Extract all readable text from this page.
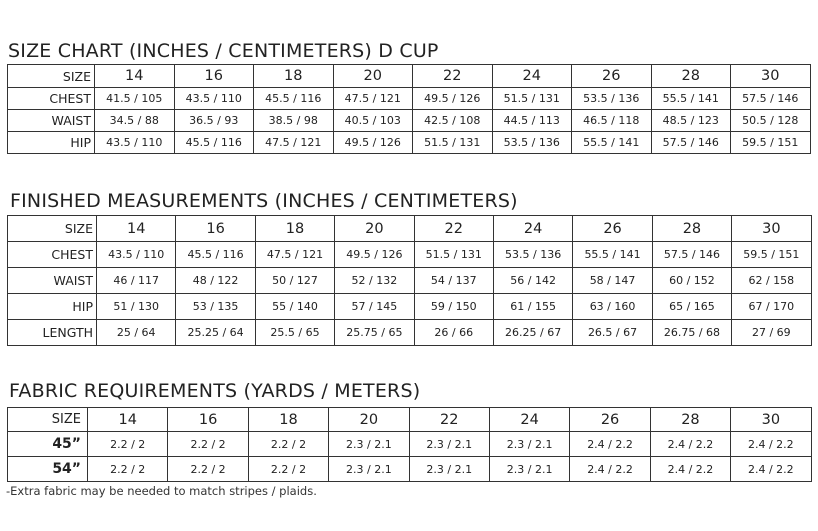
SIZE CHART (INCHES / CENTIMETERS) D CUP
SIZE	14	16	18	20	22	24	26	28	30
CHEST	41.5 / 105	43.5 / 110	45.5 / 116	47.5 / 121	49.5 / 126	51.5 / 131	53.5 / 136	55.5 / 141	57.5 / 146
WAIST	34.5 / 88	36.5 / 93	38.5 / 98	40.5 / 103	42.5 / 108	44.5 / 113	46.5 / 118	48.5 / 123	50.5 / 128
HIP	43.5 / 110	45.5 / 116	47.5 / 121	49.5 / 126	51.5 / 131	53.5 / 136	55.5 / 141	57.5 / 146	59.5 / 151
FINISHED MEASUREMENTS (INCHES / CENTIMETERS)
SIZE	14	16	18	20	22	24	26	28	30
CHEST	43.5 / 110	45.5 / 116	47.5 / 121	49.5 / 126	51.5 / 131	53.5 / 136	55.5 / 141	57.5 / 146	59.5 / 151
WAIST	46 / 117	48 / 122	50 / 127	52 / 132	54 / 137	56 / 142	58 / 147	60 / 152	62 / 158
HIP	51 / 130	53 / 135	55 / 140	57 / 145	59 / 150	61 / 155	63 / 160	65 / 165	67 / 170
LENGTH	25 / 64	25.25 / 64	25.5 / 65	25.75 / 65	26 / 66	26.25 / 67	26.5 / 67	26.75 / 68	27 / 69
FABRIC REQUIREMENTS (YARDS / METERS)
SIZE	14	16	18	20	22	24	26	28	30
45”	2.2 / 2	2.2 / 2	2.2 / 2	2.3 / 2.1	2.3 / 2.1	2.3 / 2.1	2.4 / 2.2	2.4 / 2.2	2.4 / 2.2
54”	2.2 / 2	2.2 / 2	2.2 / 2	2.3 / 2.1	2.3 / 2.1	2.3 / 2.1	2.4 / 2.2	2.4 / 2.2	2.4 / 2.2
-Extra fabric may be needed to match stripes / plaids.
